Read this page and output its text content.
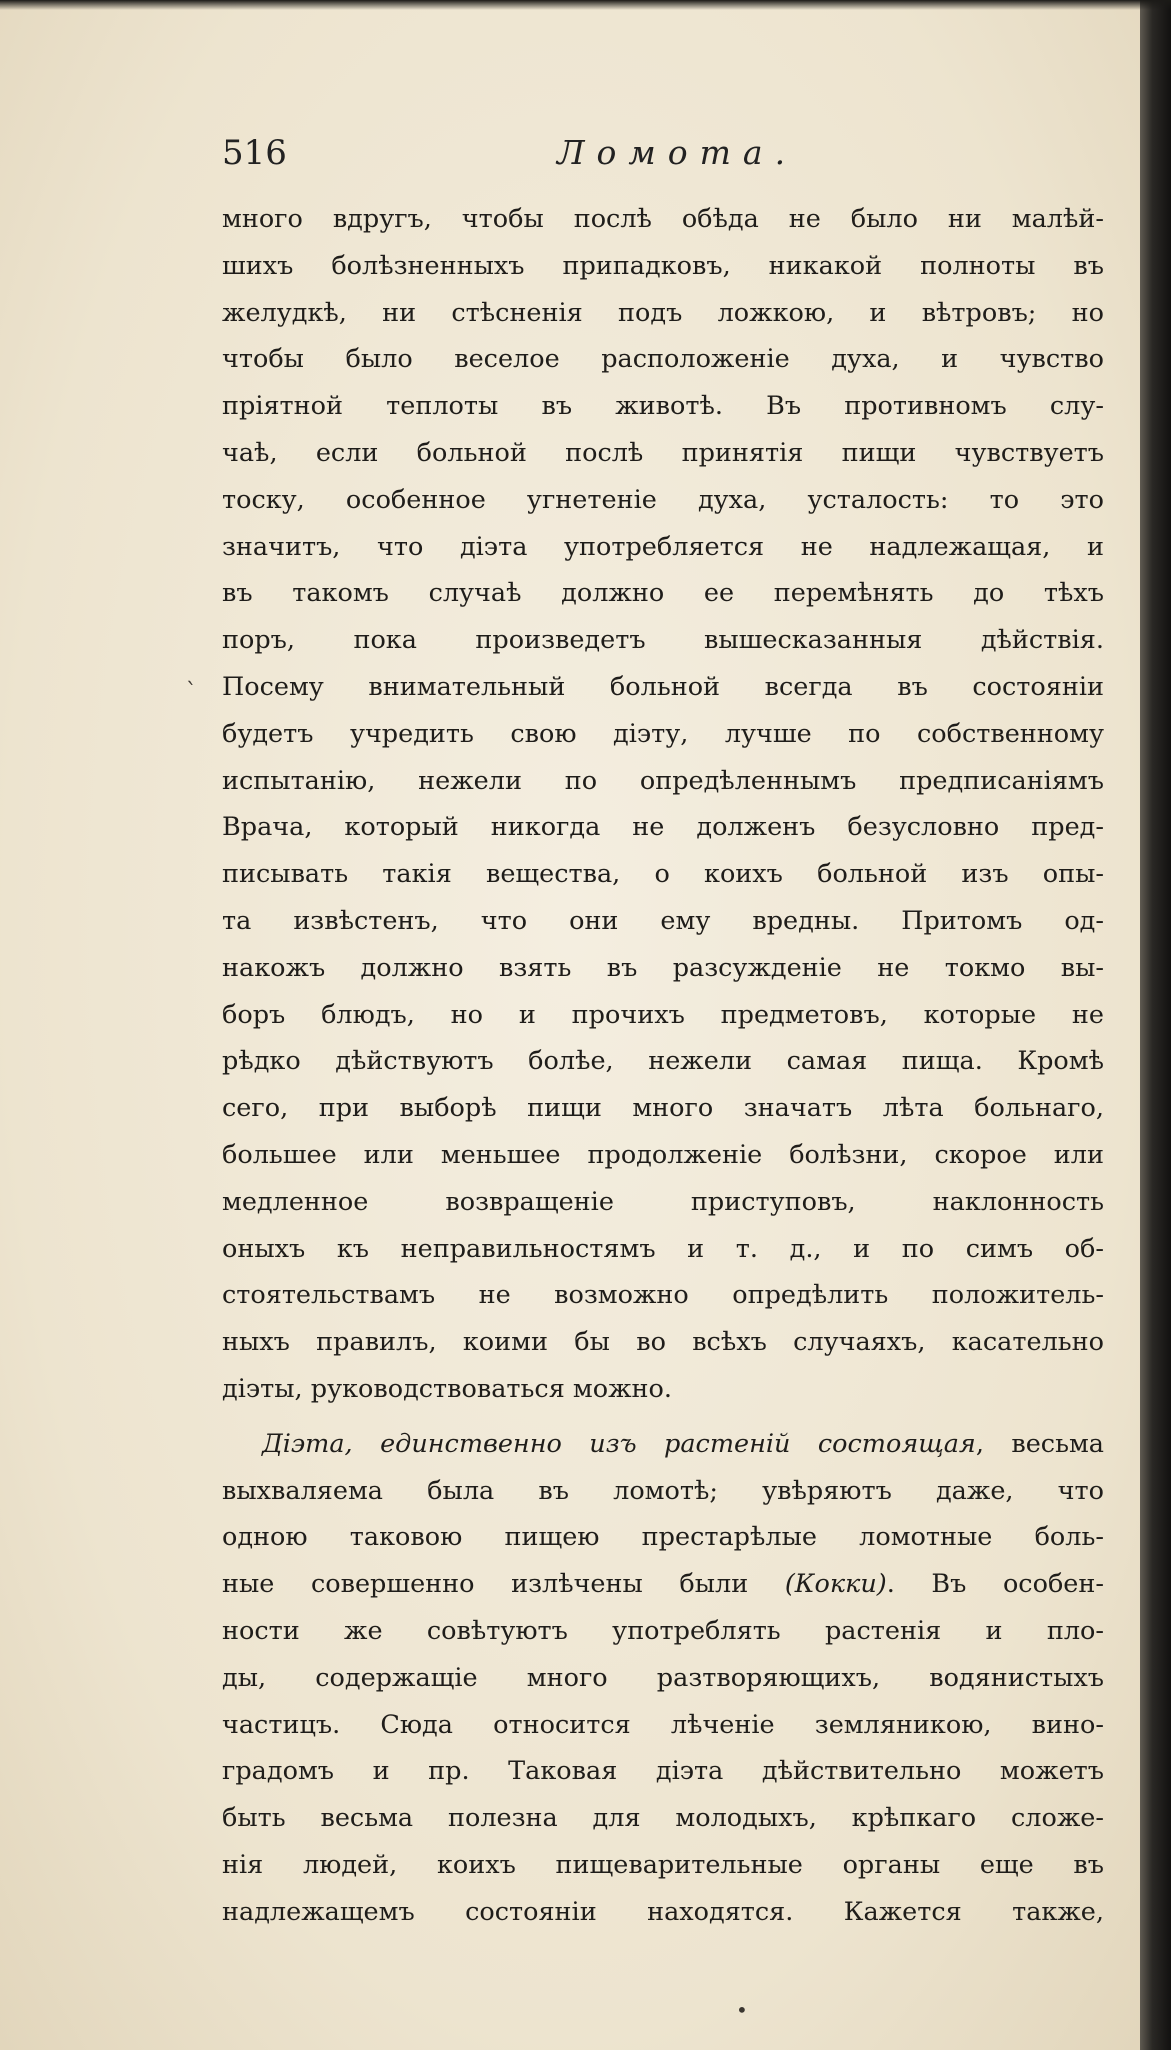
516	Ломота.
много вдругъ, чтобы послѣ обѣда не было ни малѣй-
шихъ болѣзненныхъ припадковъ, никакой полноты въ
желудкѣ, ни стѣсненія подъ ложкою, и вѣтровъ; но
чтобы было веселое расположеніе духа, и чувство
пріятной теплоты въ животѣ. Въ противномъ слу-
чаѣ, если больной послѣ принятія пищи чувствуетъ
тоску, особенное угнетеніе духа, усталость: то это
значитъ, что діэта употребляется не надлежащая, и
въ такомъ случаѣ должно ее перемѣнять до тѣхъ
поръ, пока произведетъ вышесказанныя дѣйствія.
Посему внимательный больной всегда въ состояніи
будетъ учредить свою діэту, лучше по собственному
испытанію, нежели по опредѣленнымъ предписаніямъ
Врача, который никогда не долженъ безусловно пред-
писывать такія вещества, о коихъ больной изъ опы-
та извѣстенъ, что они ему вредны. Притомъ од-
накожъ должно взять въ разсужденіе не токмо вы-
боръ блюдъ, но и прочихъ предметовъ, которые не
рѣдко дѣйствуютъ болѣе, нежели самая пища. Кромѣ
сего, при выборѣ пищи много значатъ лѣта больнаго,
большее или меньшее продолженіе болѣзни, скорое или
медленное возвращеніе приступовъ, наклонность
оныхъ къ неправильностямъ и т. д., и по симъ об-
стоятельствамъ не возможно опредѣлить положитель-
ныхъ правилъ, коими бы во всѣхъ случаяхъ, касательно
діэты, руководствоваться можно.
Діэта, единственно изъ растеній состоящая, весьма
выхваляема была въ ломотѣ; увѣряютъ даже, что
одною таковою пищею престарѣлые ломотные боль-
ные совершенно излѣчены были (Кокки). Въ особен-
ности же совѣтуютъ употреблять растенія и пло-
ды, содержащіе много разтворяющихъ, водянистыхъ
частицъ. Сюда относится лѣченіе земляникою, вино-
градомъ и пр. Таковая діэта дѣйствительно можетъ
быть весьма полезна для молодыхъ, крѣпкаго сложе-
нія людей, коихъ пищеварительные органы еще въ
надлежащемъ состояніи находятся. Кажется также,
ˋ
•
